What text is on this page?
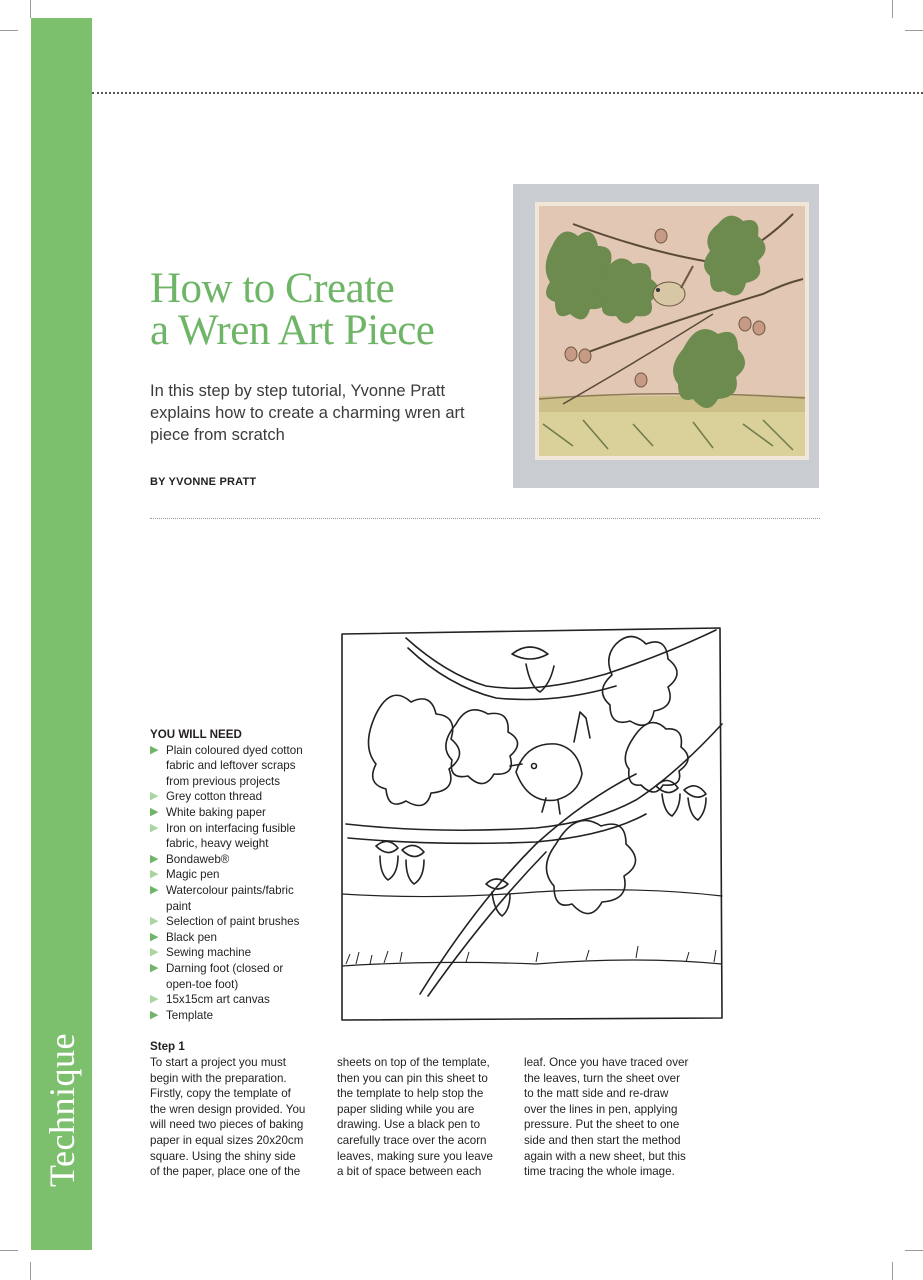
Technique
How to Create
a Wren Art Piece

In this step by step tutorial, Yvonne Pratt explains how to create a charming wren art piece from scratch

BY YVONNE PRATT

YOU WILL NEED
▶ Plain coloured dyed cotton
fabric and leftover scraps
from previous projects
▶ Grey cotton thread
▶ White baking paper
▶ Iron on interfacing fusible
fabric, heavy weight
▶ Bondaweb®
▶ Magic pen
▶ Watercolour paints/fabric
paint
▶ Selection of paint brushes
▶ Black pen
▶ Sewing machine
▶ Darning foot (closed or
open-toe foot)
▶ 15x15cm art canvas
▶ Template
Step 1
To start a project you must
begin with the preparation.
Firstly, copy the template of
the wren design provided. You
will need two pieces of baking
paper in equal sizes 20x20cm
square. Using the shiny side
of the paper, place one of the
sheets on top of the template,
then you can pin this sheet to
the template to help stop the
paper sliding while you are
drawing. Use a black pen to
carefully trace over the acorn
leaves, making sure you leave
a bit of space between each
leaf. Once you have traced over
the leaves, turn the sheet over
to the matt side and re-draw
over the lines in pen, applying
pressure. Put the sheet to one
side and then start the method
again with a new sheet, but this
time tracing the whole image.
